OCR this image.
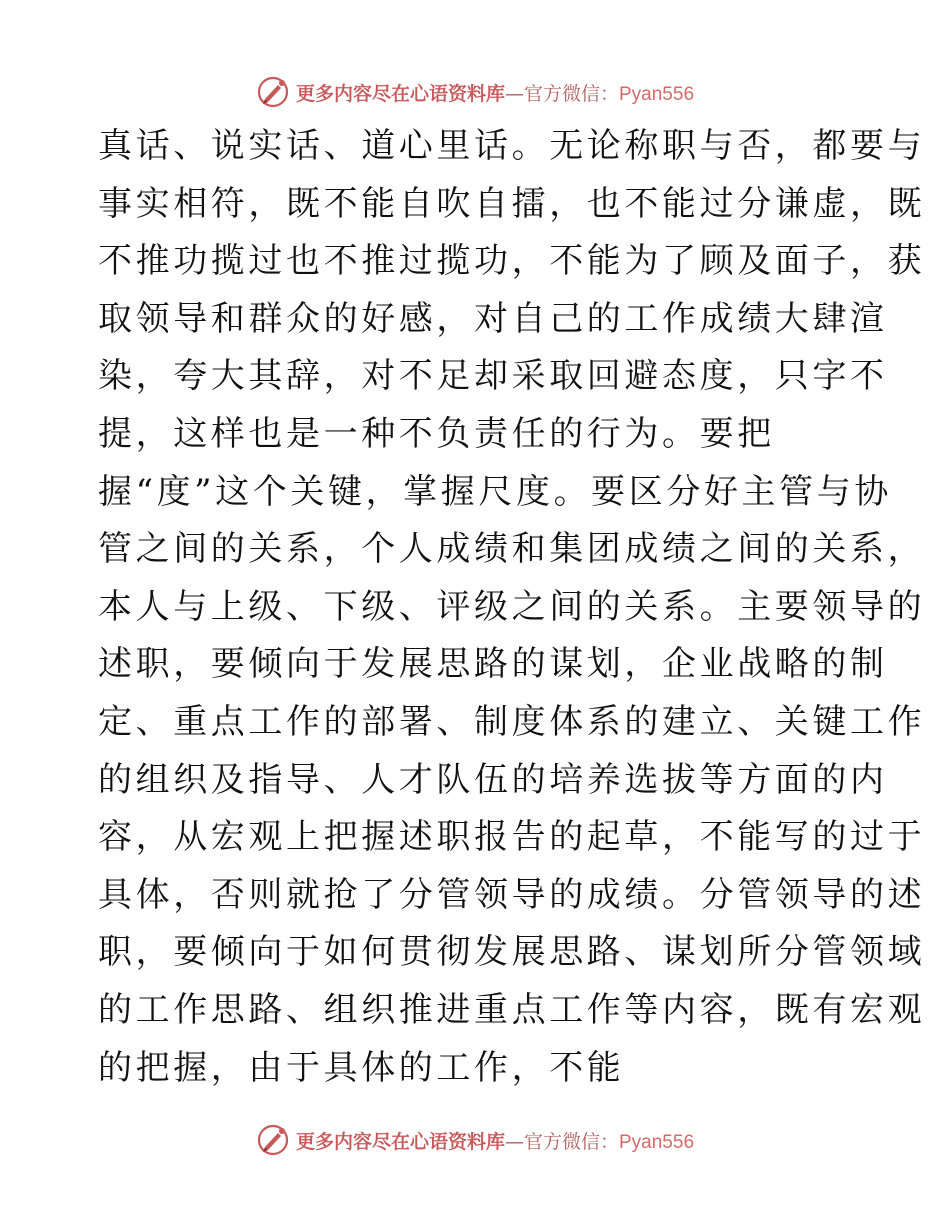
更多内容尽在心语资料库—官方微信：Pyan556
真话、说实话、道心里话。无论称职与否，都要与
事实相符，既不能自吹自擂，也不能过分谦虚，既
不推功揽过也不推过揽功，不能为了顾及面子，获
取领导和群众的好感，对自己的工作成绩大肆渲
染，夸大其辞，对不足却采取回避态度，只字不
提，这样也是一种不负责任的行为。要把
握“度”这个关键，掌握尺度。要区分好主管与协
管之间的关系，个人成绩和集团成绩之间的关系，
本人与上级、下级、评级之间的关系。主要领导的
述职，要倾向于发展思路的谋划，企业战略的制
定、重点工作的部署、制度体系的建立、关键工作
的组织及指导、人才队伍的培养选拔等方面的内
容，从宏观上把握述职报告的起草，不能写的过于
具体，否则就抢了分管领导的成绩。分管领导的述
职，要倾向于如何贯彻发展思路、谋划所分管领域
的工作思路、组织推进重点工作等内容，既有宏观
的把握，由于具体的工作，不能
更多内容尽在心语资料库—官方微信：Pyan556
